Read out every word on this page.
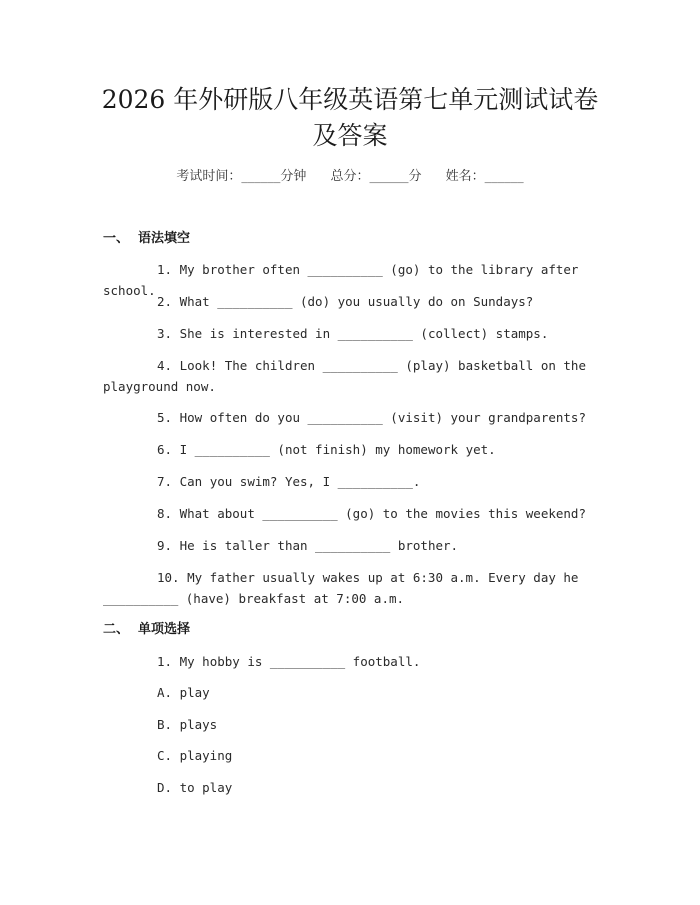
2026 年外研版八年级英语第七单元测试试卷
及答案
考试时间：______分钟 总分：______分 姓名：______
一、 语法填空
1. My brother often __________ (go) to the library after school.
2. What __________ (do) you usually do on Sundays?
3. She is interested in __________ (collect) stamps.
4. Look! The children __________ (play) basketball on the playground now.
5. How often do you __________ (visit) your grandparents?
6. I __________ (not finish) my homework yet.
7. Can you swim? Yes, I __________.
8. What about __________ (go) to the movies this weekend?
9. He is taller than __________ brother.
10. My father usually wakes up at 6:30 a.m. Every day he __________ (have) breakfast at 7:00 a.m.
二、 单项选择
1. My hobby is __________ football.
A. play
B. plays
C. playing
D. to play
